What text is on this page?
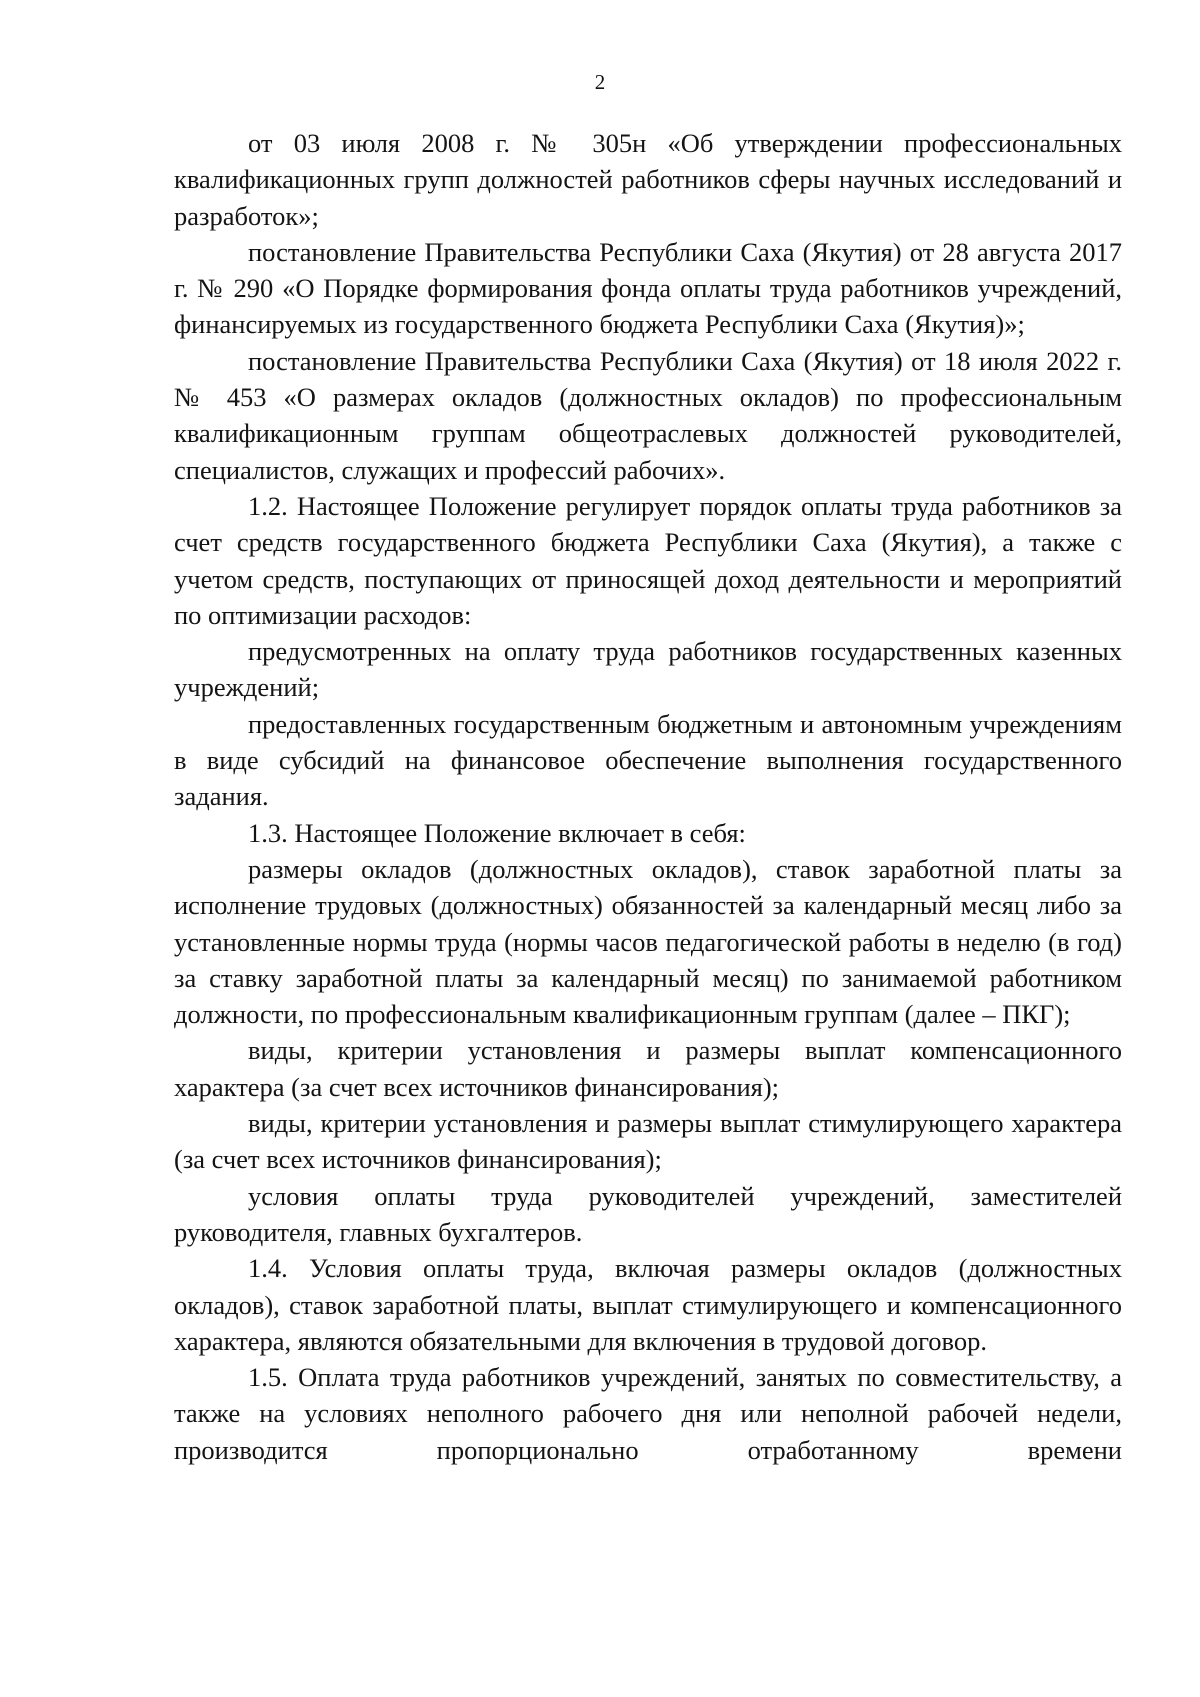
2

от 03 июля 2008 г. № 305н «Об утверждении профессиональных квалификационных групп должностей работников сферы научных исследований и разработок»;

постановление Правительства Республики Саха (Якутия) от 28 августа 2017 г. № 290 «О Порядке формирования фонда оплаты труда работников учреждений, финансируемых из государственного бюджета Республики Саха (Якутия)»;

постановление Правительства Республики Саха (Якутия) от 18 июля 2022 г. № 453 «О размерах окладов (должностных окладов) по профессиональным квалификационным группам общеотраслевых должностей руководителей, специалистов, служащих и профессий рабочих».

1.2. Настоящее Положение регулирует порядок оплаты труда работников за счет средств государственного бюджета Республики Саха (Якутия), а также с учетом средств, поступающих от приносящей доход деятельности и мероприятий по оптимизации расходов:

предусмотренных на оплату труда работников государственных казенных учреждений;

предоставленных государственным бюджетным и автономным учреждениям в виде субсидий на финансовое обеспечение выполнения государственного задания.

1.3. Настоящее Положение включает в себя:

размеры окладов (должностных окладов), ставок заработной платы за исполнение трудовых (должностных) обязанностей за календарный месяц либо за установленные нормы труда (нормы часов педагогической работы в неделю (в год) за ставку заработной платы за календарный месяц) по занимаемой работником должности, по профессиональным квалификационным группам (далее – ПКГ);

виды, критерии установления и размеры выплат компенсационного характера (за счет всех источников финансирования);

виды, критерии установления и размеры выплат стимулирующего характера (за счет всех источников финансирования);

условия оплаты труда руководителей учреждений, заместителей руководителя, главных бухгалтеров.

1.4. Условия оплаты труда, включая размеры окладов (должностных окладов), ставок заработной платы, выплат стимулирующего и компенсационного характера, являются обязательными для включения в трудовой договор.

1.5. Оплата труда работников учреждений, занятых по совместительству, а также на условиях неполного рабочего дня или неполной рабочей недели, производится пропорционально отработанному времени
